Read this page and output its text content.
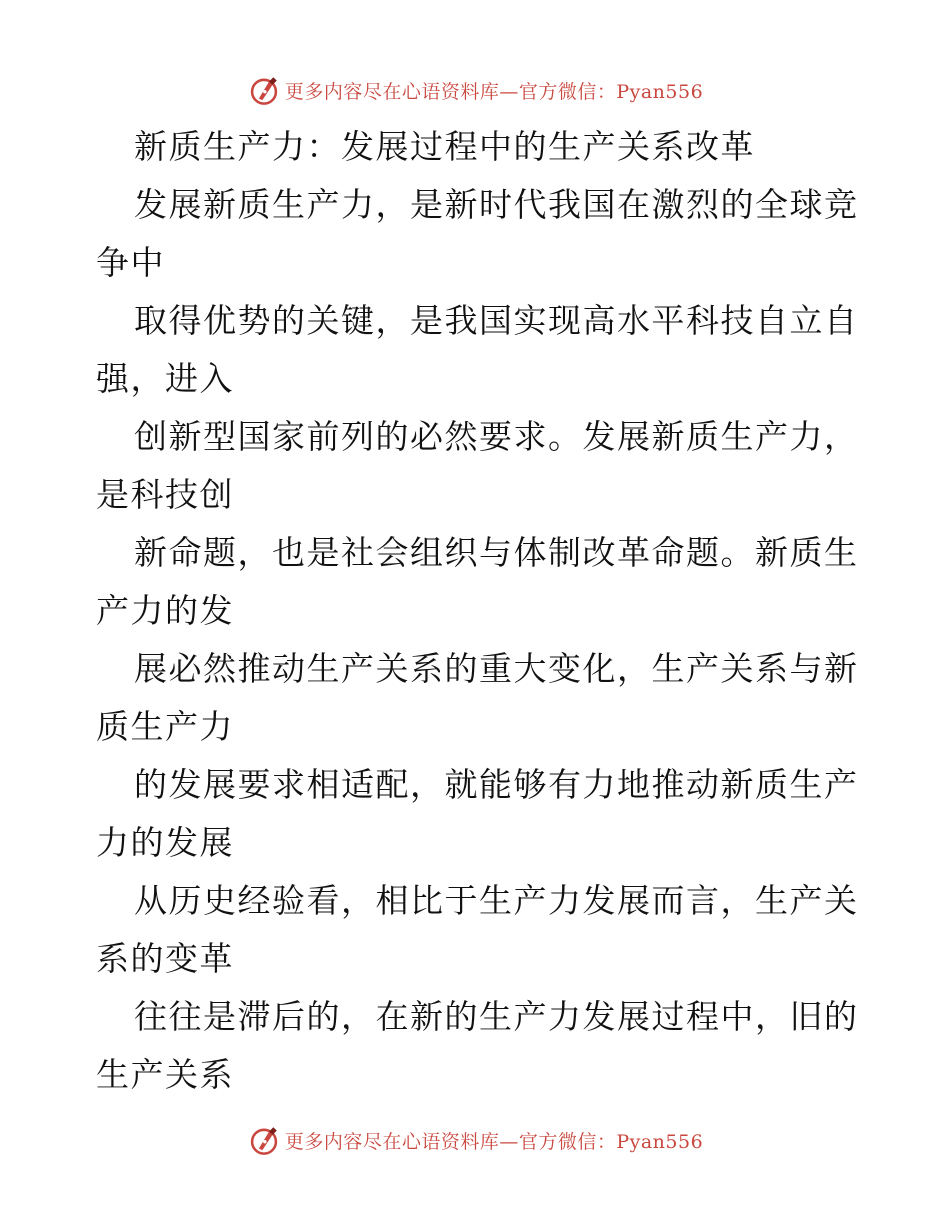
更多内容尽在心语资料库—官方微信：Pyan556
新质生产力：发展过程中的生产关系改革
发展新质生产力，是新时代我国在激烈的全球竞
争中
取得优势的关键，是我国实现高水平科技自立自
强，进入
创新型国家前列的必然要求。发展新质生产力，
是科技创
新命题，也是社会组织与体制改革命题。新质生
产力的发
展必然推动生产关系的重大变化，生产关系与新
质生产力
的发展要求相适配，就能够有力地推动新质生产
力的发展
从历史经验看，相比于生产力发展而言，生产关
系的变革
往往是滞后的，在新的生产力发展过程中，旧的
生产关系
更多内容尽在心语资料库—官方微信：Pyan556
